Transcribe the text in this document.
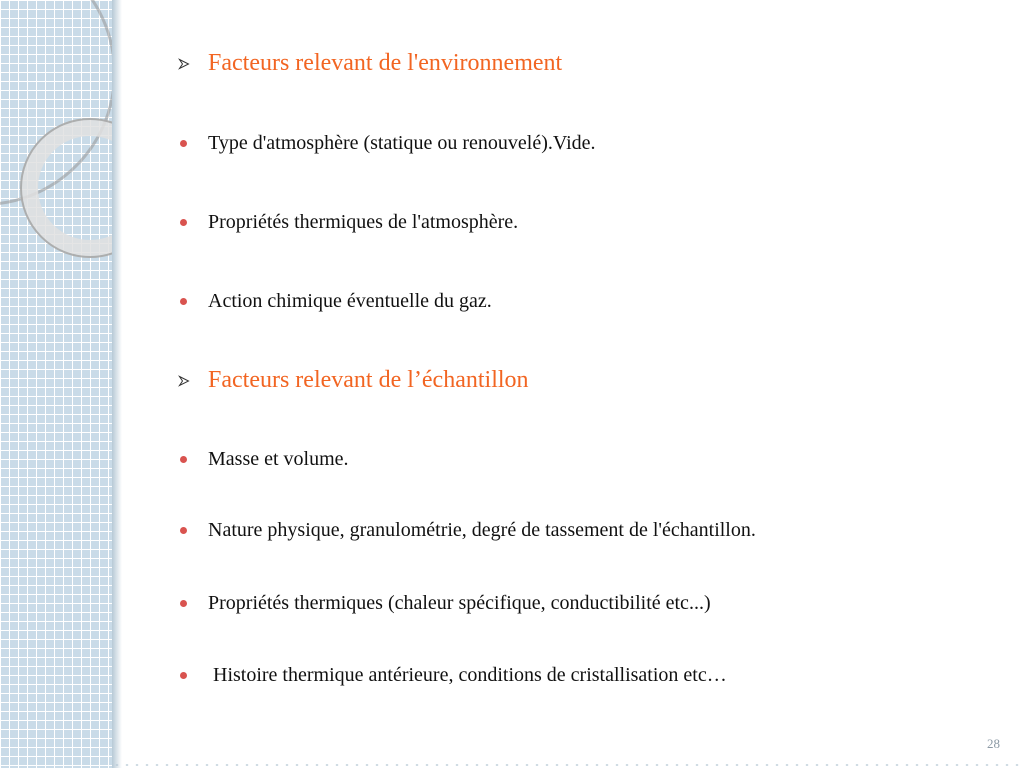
Facteurs relevant de l'environnement
Type d'atmosphère (statique ou renouvelé).Vide.
Propriétés thermiques de l'atmosphère.
Action chimique éventuelle du gaz.
Facteurs relevant de l’échantillon
Masse et volume.
Nature physique, granulométrie, degré de tassement de l'échantillon.
Propriétés thermiques (chaleur spécifique, conductibilité etc...)
Histoire thermique antérieure, conditions de cristallisation etc…
28
